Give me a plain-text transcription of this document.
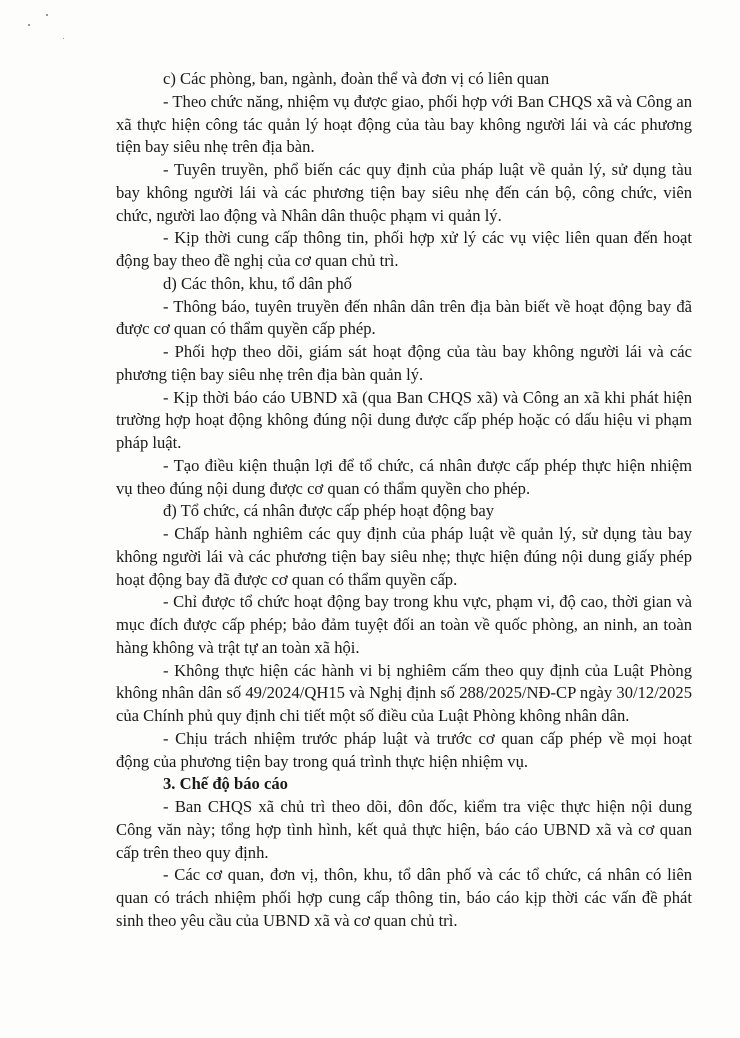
c) Các phòng, ban, ngành, đoàn thể và đơn vị có liên quan

- Theo chức năng, nhiệm vụ được giao, phối hợp với Ban CHQS xã và Công an xã thực hiện công tác quản lý hoạt động của tàu bay không người lái và các phương tiện bay siêu nhẹ trên địa bàn.

- Tuyên truyền, phổ biến các quy định của pháp luật về quản lý, sử dụng tàu bay không người lái và các phương tiện bay siêu nhẹ đến cán bộ, công chức, viên chức, người lao động và Nhân dân thuộc phạm vi quản lý.

- Kịp thời cung cấp thông tin, phối hợp xử lý các vụ việc liên quan đến hoạt động bay theo đề nghị của cơ quan chủ trì.

d) Các thôn, khu, tổ dân phố

- Thông báo, tuyên truyền đến nhân dân trên địa bàn biết về hoạt động bay đã được cơ quan có thẩm quyền cấp phép.

- Phối hợp theo dõi, giám sát hoạt động của tàu bay không người lái và các phương tiện bay siêu nhẹ trên địa bàn quản lý.

- Kịp thời báo cáo UBND xã (qua Ban CHQS xã) và Công an xã khi phát hiện trường hợp hoạt động không đúng nội dung được cấp phép hoặc có dấu hiệu vi phạm pháp luật.

- Tạo điều kiện thuận lợi để tổ chức, cá nhân được cấp phép thực hiện nhiệm vụ theo đúng nội dung được cơ quan có thẩm quyền cho phép.

đ) Tổ chức, cá nhân được cấp phép hoạt động bay

- Chấp hành nghiêm các quy định của pháp luật về quản lý, sử dụng tàu bay không người lái và các phương tiện bay siêu nhẹ; thực hiện đúng nội dung giấy phép hoạt động bay đã được cơ quan có thẩm quyền cấp.

- Chỉ được tổ chức hoạt động bay trong khu vực, phạm vi, độ cao, thời gian và mục đích được cấp phép; bảo đảm tuyệt đối an toàn về quốc phòng, an ninh, an toàn hàng không và trật tự an toàn xã hội.

- Không thực hiện các hành vi bị nghiêm cấm theo quy định của Luật Phòng không nhân dân số 49/2024/QH15 và Nghị định số 288/2025/NĐ-CP ngày 30/12/2025 của Chính phủ quy định chi tiết một số điều của Luật Phòng không nhân dân.

- Chịu trách nhiệm trước pháp luật và trước cơ quan cấp phép về mọi hoạt động của phương tiện bay trong quá trình thực hiện nhiệm vụ.

3. Chế độ báo cáo

- Ban CHQS xã chủ trì theo dõi, đôn đốc, kiểm tra việc thực hiện nội dung Công văn này; tổng hợp tình hình, kết quả thực hiện, báo cáo UBND xã và cơ quan cấp trên theo quy định.

- Các cơ quan, đơn vị, thôn, khu, tổ dân phố và các tổ chức, cá nhân có liên quan có trách nhiệm phối hợp cung cấp thông tin, báo cáo kịp thời các vấn đề phát sinh theo yêu cầu của UBND xã và cơ quan chủ trì.
